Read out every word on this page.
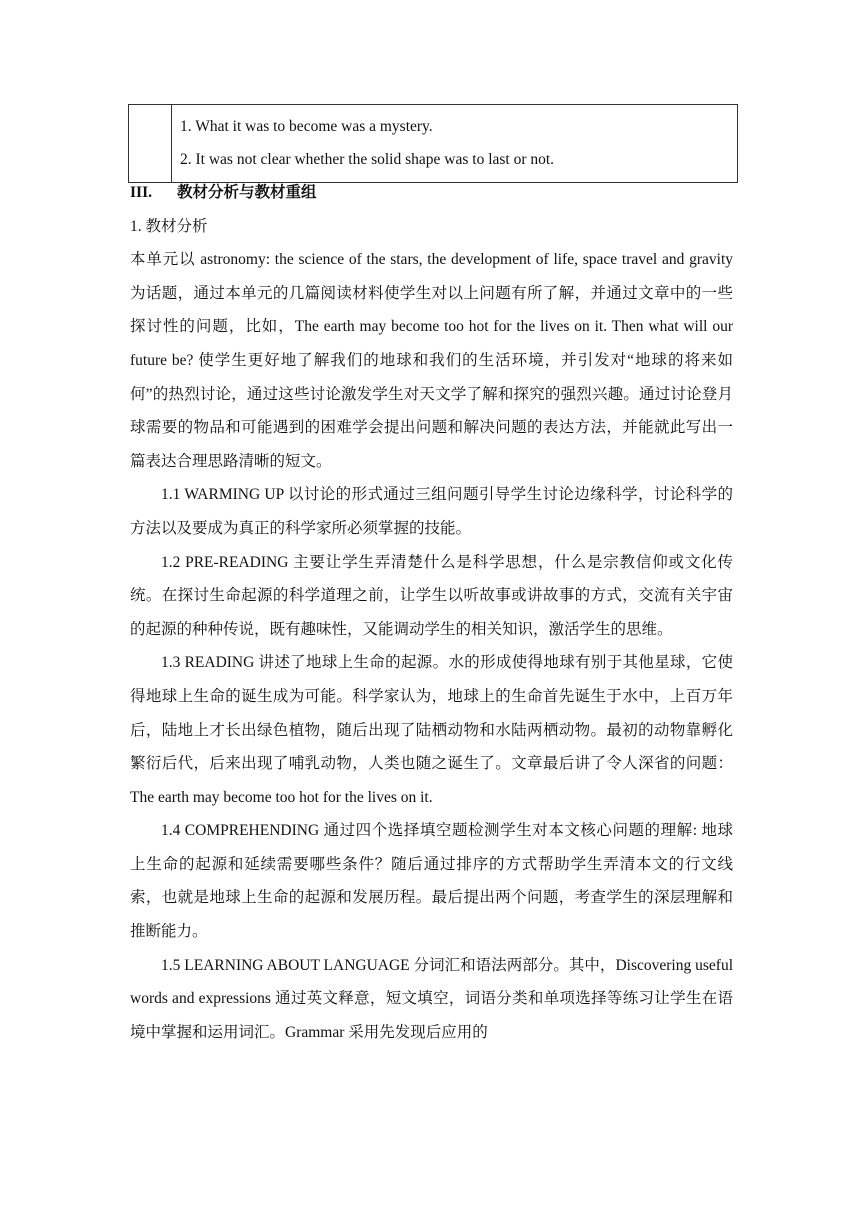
1. What it was to become was a mystery.
2. It was not clear whether the solid shape was to last or not.

III. 教材分析与教材重组

1. 教材分析

本单元以 astronomy: the science of the stars, the development of life, space travel and gravity 为话题，通过本单元的几篇阅读材料使学生对以上问题有所了解，并通过文章中的一些探讨性的问题，比如，The earth may become too hot for the lives on it. Then what will our future be? 使学生更好地了解我们的地球和我们的生活环境，并引发对“地球的将来如何”的热烈讨论，通过这些讨论激发学生对天文学了解和探究的强烈兴趣。通过讨论登月球需要的物品和可能遇到的困难学会提出问题和解决问题的表达方法，并能就此写出一篇表达合理思路清晰的短文。

1.1 WARMING UP 以讨论的形式通过三组问题引导学生讨论边缘科学，讨论科学的方法以及要成为真正的科学家所必须掌握的技能。

1.2 PRE-READING 主要让学生弄清楚什么是科学思想，什么是宗教信仰或文化传统。在探讨生命起源的科学道理之前，让学生以听故事或讲故事的方式，交流有关宇宙的起源的种种传说，既有趣味性，又能调动学生的相关知识，激活学生的思维。

1.3 READING 讲述了地球上生命的起源。水的形成使得地球有别于其他星球，它使得地球上生命的诞生成为可能。科学家认为，地球上的生命首先诞生于水中，上百万年后，陆地上才长出绿色植物，随后出现了陆栖动物和水陆两栖动物。最初的动物靠孵化繁衍后代，后来出现了哺乳动物，人类也随之诞生了。文章最后讲了令人深省的问题：The earth may become too hot for the lives on it.

1.4 COMPREHENDING 通过四个选择填空题检测学生对本文核心问题的理解: 地球上生命的起源和延续需要哪些条件？随后通过排序的方式帮助学生弄清本文的行文线索，也就是地球上生命的起源和发展历程。最后提出两个问题，考查学生的深层理解和推断能力。

1.5 LEARNING ABOUT LANGUAGE 分词汇和语法两部分。其中，Discovering useful words and expressions 通过英文释意，短文填空，词语分类和单项选择等练习让学生在语境中掌握和运用词汇。Grammar 采用先发现后应用的
